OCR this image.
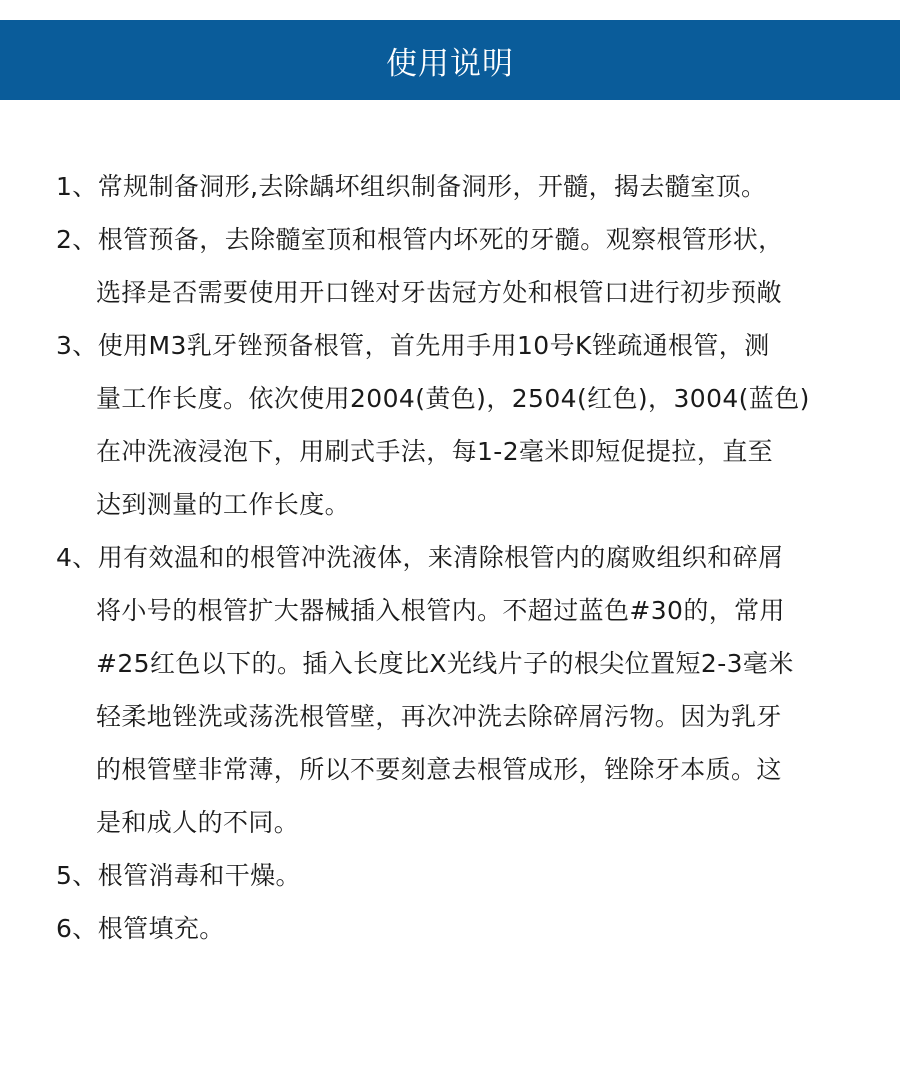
使用说明
1、常规制备洞形,去除龋坏组织制备洞形，开髓，揭去髓室顶。
2、根管预备，去除髓室顶和根管内坏死的牙髓。观察根管形状，
选择是否需要使用开口锉对牙齿冠方处和根管口进行初步预敞
3、使用M3乳牙锉预备根管，首先用手用10号K锉疏通根管，测
量工作长度。依次使用2004(黄色)，2504(红色)，3004(蓝色)
在冲洗液浸泡下，用刷式手法，每1-2毫米即短促提拉，直至
达到测量的工作长度。
4、用有效温和的根管冲洗液体，来清除根管内的腐败组织和碎屑
将小号的根管扩大器械插入根管内。不超过蓝色#30的，常用
#25红色以下的。插入长度比X光线片子的根尖位置短2-3毫米
轻柔地锉洗或荡洗根管壁，再次冲洗去除碎屑污物。因为乳牙
的根管壁非常薄，所以不要刻意去根管成形，锉除牙本质。这
是和成人的不同。
5、根管消毒和干燥。
6、根管填充。
